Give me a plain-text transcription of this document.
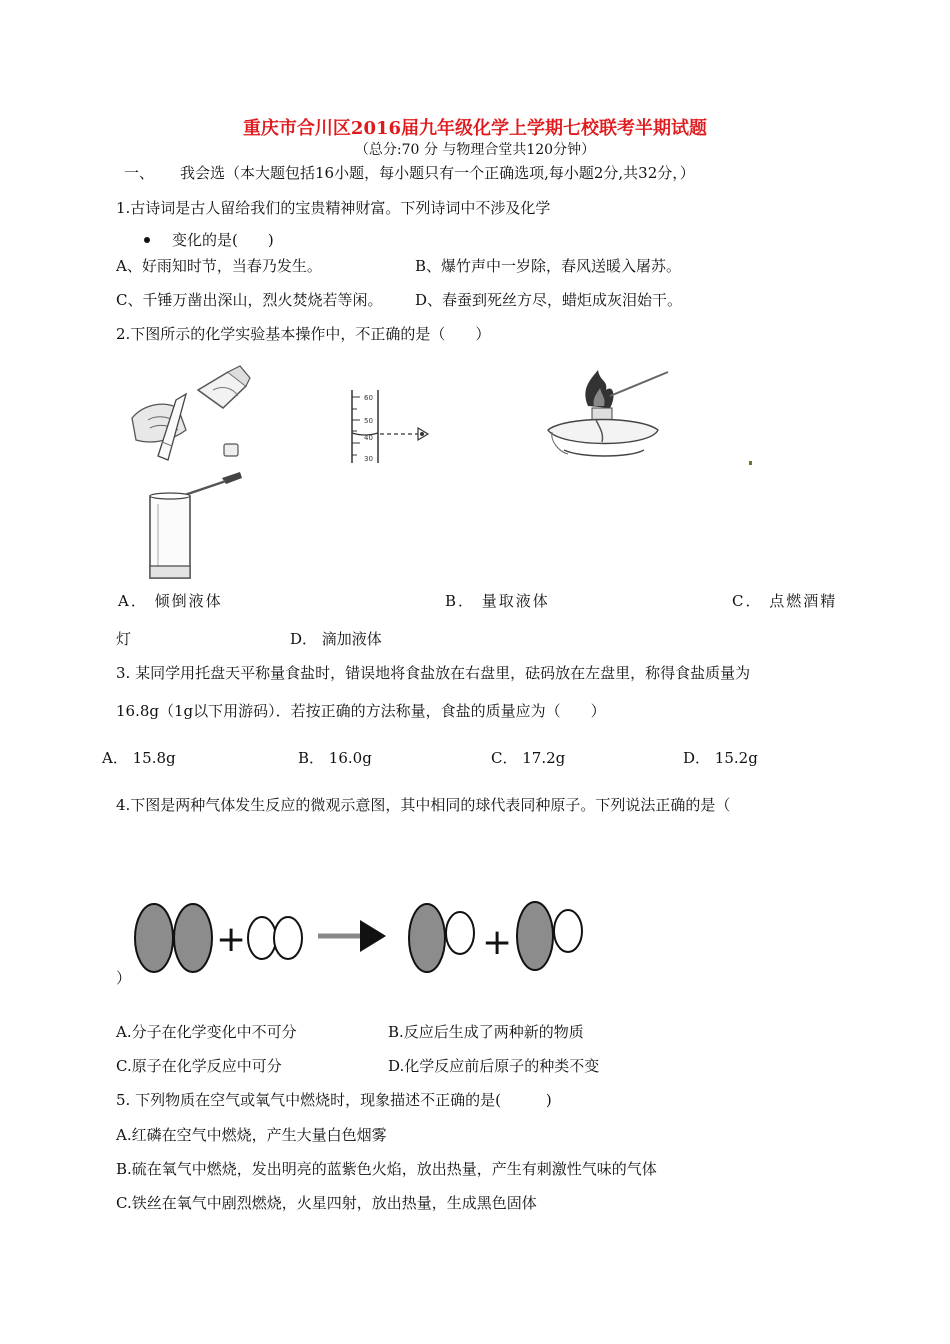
重庆市合川区2016届九年级化学上学期七校联考半期试题
（总分:70 分 与物理合堂共120分钟）
一、 我会选（本大题包括16小题，每小题只有一个正确选项,每小题2分,共32分，）
1.古诗词是古人留给我们的宝贵精神财富。下列诗词中不涉及化学
变化的是(　　)
A、好雨知时节，当春乃发生。	B、爆竹声中一岁除，春风送暖入屠苏。
C、千锤万凿出深山，烈火焚烧若等闲。 D、春蚕到死丝方尽，蜡炬成灰泪始干。
2.下图所示的化学实验基本操作中，不正确的是（　　）
60
50
40
30
A． 倾倒液体	B． 量取液体	C． 点燃酒精
灯	D． 滴加液体
3. 某同学用托盘天平称量食盐时，错误地将食盐放在右盘里，砝码放在左盘里，称得食盐质量为
16.8g（1g以下用游码）．若按正确的方法称量，食盐的质量应为（　　）
A． 15.8g	B． 16.0g	C． 17.2g	D． 15.2g
4.下图是两种气体发生反应的微观示意图，其中相同的球代表同种原子。下列说法正确的是（
+	+
）
A.分子在化学变化中不可分	B.反应后生成了两种新的物质
C.原子在化学反应中可分	D.化学反应前后原子的种类不变
5. 下列物质在空气或氧气中燃烧时，现象描述不正确的是(　　　)
A.红磷在空气中燃烧，产生大量白色烟雾
B.硫在氧气中燃烧，发出明亮的蓝紫色火焰，放出热量，产生有刺激性气味的气体
C.铁丝在氧气中剧烈燃烧，火星四射，放出热量，生成黑色固体
